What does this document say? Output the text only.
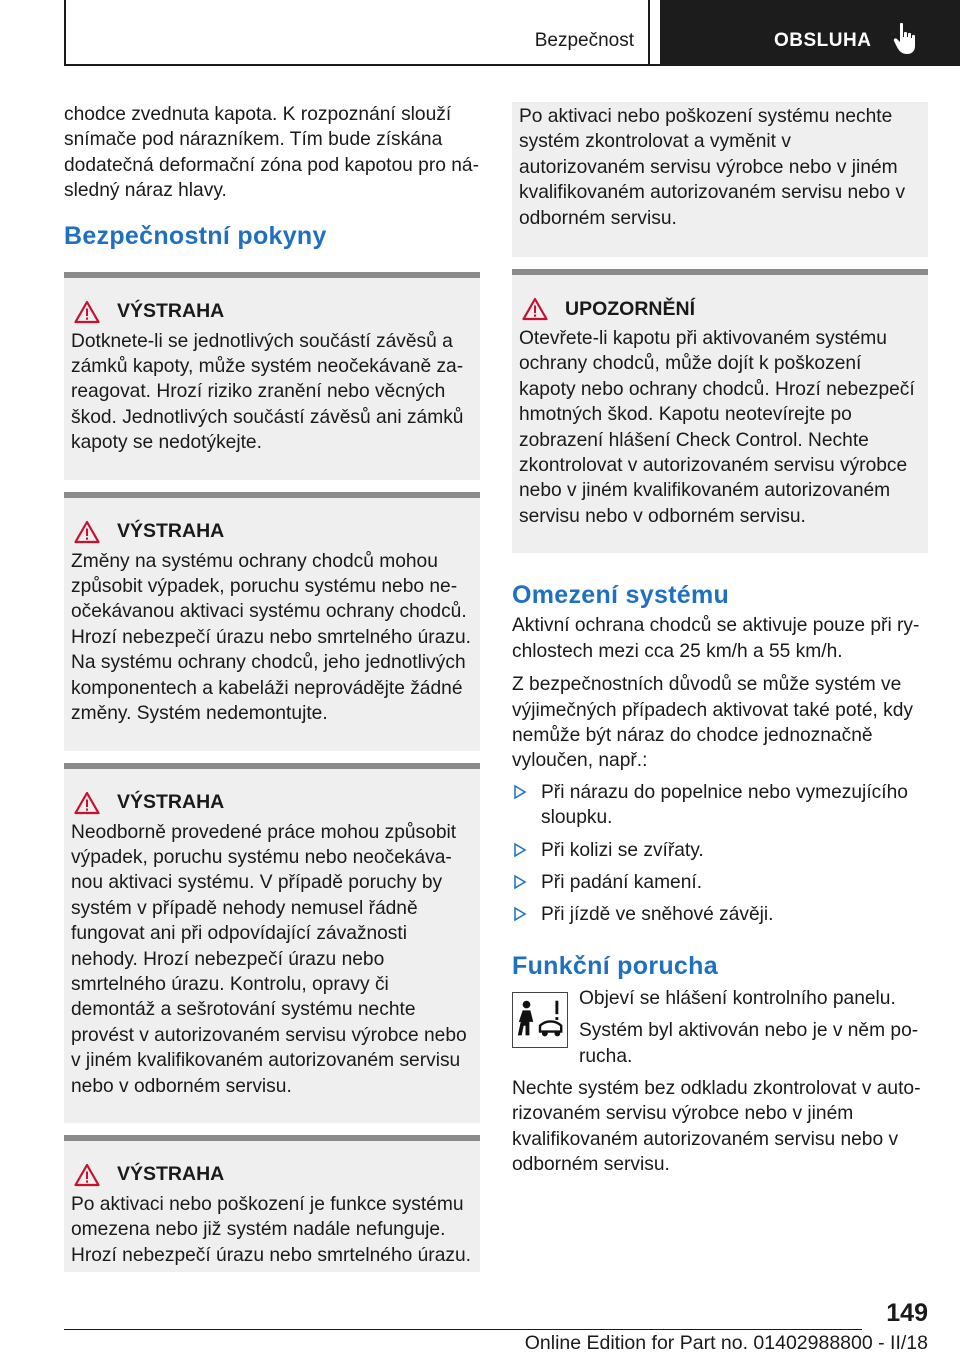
Bezpečnost	OBSLUHA

chodce zvednuta kapota. K rozpoznání slouží snímače pod nárazníkem. Tím bude získána dodatečná deformační zóna pod kapotou pro následný náraz hlavy.

Bezpečnostní pokyny
VÝSTRAHA

Dotknete-li se jednotlivých součástí závěsů a zámků kapoty, může systém neočekávaně zareagovat. Hrozí riziko zranění nebo věcných škod. Jednotlivých součástí závěsů ani zámků kapoty se nedotýkejte.

VÝSTRAHA

Změny na systému ochrany chodců mohou způsobit výpadek, poruchu systému nebo neočekávanou aktivaci systému ochrany chodců. Hrozí nebezpečí úrazu nebo smrtelného úrazu. Na systému ochrany chodců, jeho jednotlivých komponentech a kabeláži neprovádějte žádné změny. Systém nedemontujte.

VÝSTRAHA

Neodborně provedené práce mohou způsobit výpadek, poruchu systému nebo neočekávanou aktivaci systému. V případě poruchy by systém v případě nehody nemusel řádně fungovat ani při odpovídající závažnosti nehody. Hrozí nebezpečí úrazu nebo smrtelného úrazu. Kontrolu, opravy či demontáž a sešrotování systému nechte provést v autorizovaném servisu výrobce nebo v jiném kvalifikovaném autorizovaném servisu nebo v odborném servisu.

VÝSTRAHA

Po aktivaci nebo poškození je funkce systému omezena nebo již systém nadále nefunguje. Hrozí nebezpečí úrazu nebo smrtelného úrazu.

Po aktivaci nebo poškození systému nechte systém zkontrolovat a vyměnit v autorizovaném servisu výrobce nebo v jiném kvalifikovaném autorizovaném servisu nebo v odborném servisu.

UPOZORNĚNÍ

Otevřete-li kapotu při aktivovaném systému ochrany chodců, může dojít k poškození kapoty nebo ochrany chodců. Hrozí nebezpečí hmotných škod. Kapotu neotevírejte po zobrazení hlášení Check Control. Nechte zkontrolovat v autorizovaném servisu výrobce nebo v jiném kvalifikovaném autorizovaném servisu nebo v odborném servisu.

Omezení systému

Aktivní ochrana chodců se aktivuje pouze při rychlostech mezi cca 25 km/h a 55 km/h.

Z bezpečnostních důvodů se může systém ve výjimečných případech aktivovat také poté, kdy nemůže být náraz do chodce jednoznačně vyloučen, např.:

Při nárazu do popelnice nebo vymezujícího sloupku.
Při kolizi se zvířaty.
Při padání kamení.
Při jízdě ve sněhové závěji.
Funkční porucha

Objeví se hlášení kontrolního panelu.

Systém byl aktivován nebo je v něm porucha.

Nechte systém bez odkladu zkontrolovat v autorizovaném servisu výrobce nebo v jiném kvalifikovaném autorizovaném servisu nebo v odborném servisu.

149
Online Edition for Part no. 01402988800 - II/18
